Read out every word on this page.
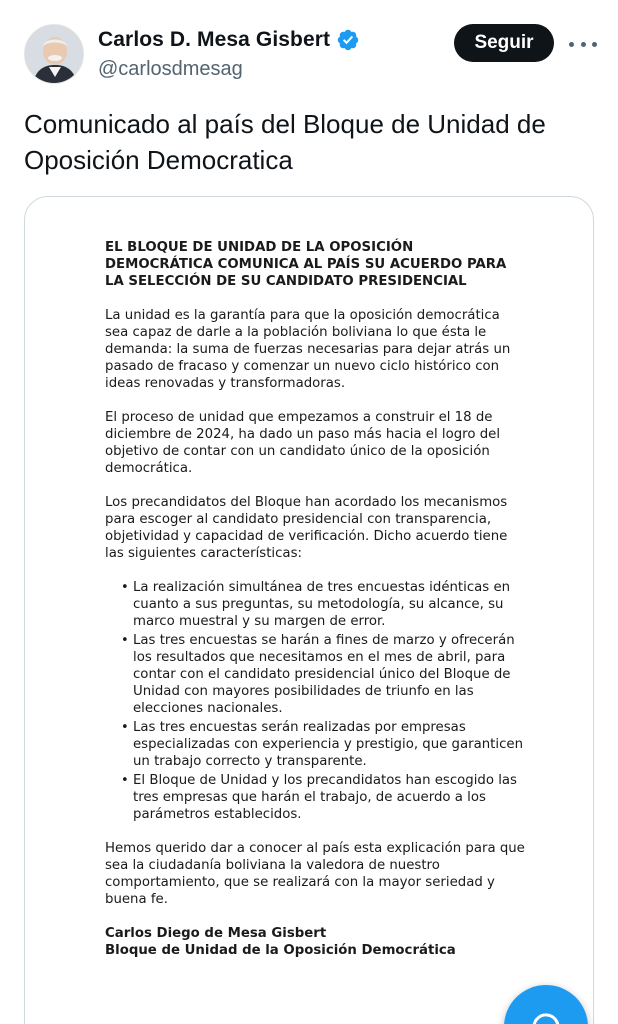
Carlos D. Mesa Gisbert
@carlosdmesag
Seguir
Comunicado al país del Bloque de Unidad de Oposición Democratica
EL BLOQUE DE UNIDAD DE LA OPOSICIÓN DEMOCRÁTICA COMUNICA AL PAÍS SU ACUERDO PARA LA SELECCIÓN DE SU CANDIDATO PRESIDENCIAL

La unidad es la garantía para que la oposición democrática sea capaz de darle a la población boliviana lo que ésta le demanda: la suma de fuerzas necesarias para dejar atrás un pasado de fracaso y comenzar un nuevo ciclo histórico con ideas renovadas y transformadoras.

El proceso de unidad que empezamos a construir el 18 de diciembre de 2024, ha dado un paso más hacia el logro del objetivo de contar con un candidato único de la oposición democrática.

Los precandidatos del Bloque han acordado los mecanismos para escoger al candidato presidencial con transparencia, objetividad y capacidad de verificación. Dicho acuerdo tiene las siguientes características:

• La realización simultánea de tres encuestas idénticas en cuanto a sus preguntas, su metodología, su alcance, su marco muestral y su margen de error.
• Las tres encuestas se harán a fines de marzo y ofrecerán los resultados que necesitamos en el mes de abril, para contar con el candidato presidencial único del Bloque de Unidad con mayores posibilidades de triunfo en las elecciones nacionales.
• Las tres encuestas serán realizadas por empresas especializadas con experiencia y prestigio, que garanticen un trabajo correcto y transparente.
• El Bloque de Unidad y los precandidatos han escogido las tres empresas que harán el trabajo, de acuerdo a los parámetros establecidos.

Hemos querido dar a conocer al país esta explicación para que sea la ciudadanía boliviana la valedora de nuestro comportamiento, que se realizará con la mayor seriedad y buena fe.

Carlos Diego de Mesa Gisbert
Bloque de Unidad de la Oposición Democrática
